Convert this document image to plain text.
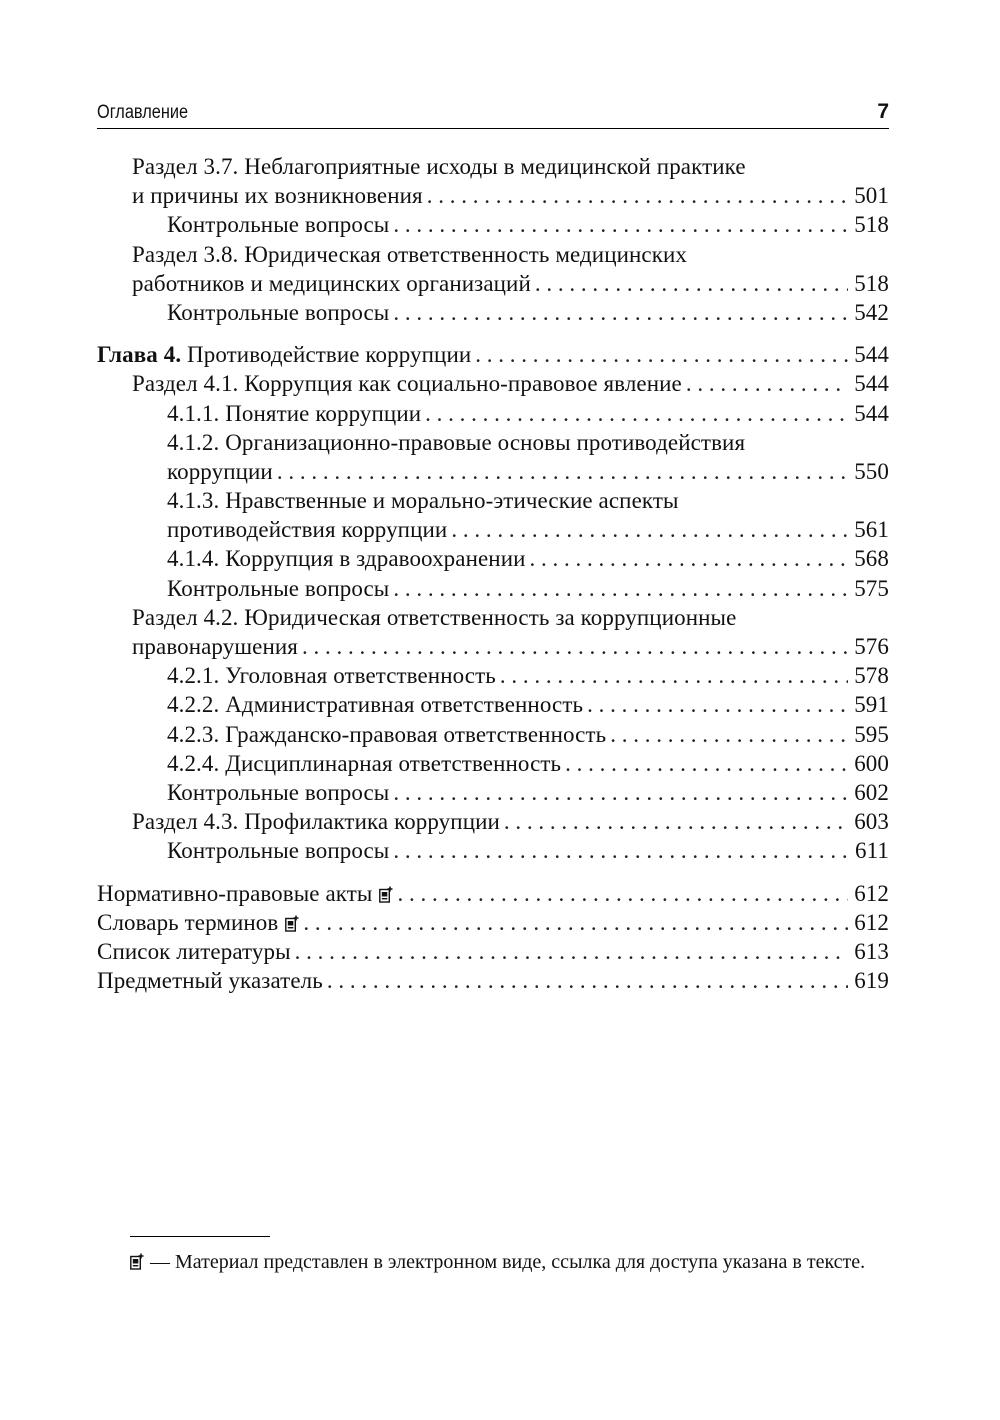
Оглавление	7
Раздел 3.7. Неблагоприятные исходы в медицинской практике
и причины их возникновения . . .	501
Контрольные вопросы . . .	518
Раздел 3.8. Юридическая ответственность медицинских
работников и медицинских организаций . . .	518
Контрольные вопросы . . .	542
Глава 4. Противодействие коррупции . . .	544
Раздел 4.1. Коррупция как социально-правовое явление . . .	544
4.1.1. Понятие коррупции . . .	544
4.1.2. Организационно-правовые основы противодействия
коррупции . . .	550
4.1.3. Нравственные и морально-этические аспекты
противодействия коррупции . . .	561
4.1.4. Коррупция в здравоохранении . . .	568
Контрольные вопросы . . .	575
Раздел 4.2. Юридическая ответственность за коррупционные
правонарушения . . .	576
4.2.1. Уголовная ответственность . . .	578
4.2.2. Административная ответственность . . .	591
4.2.3. Гражданско-правовая ответственность . . .	595
4.2.4. Дисциплинарная ответственность . . .	600
Контрольные вопросы . . .	602
Раздел 4.3. Профилактика коррупции . . .	603
Контрольные вопросы . . .	611
Нормативно-правовые акты . . .	612
Словарь терминов . . .	612
Список литературы . . .	613
Предметный указатель . . .	619
— Материал представлен в электронном виде, ссылка для доступа указана в тексте.
